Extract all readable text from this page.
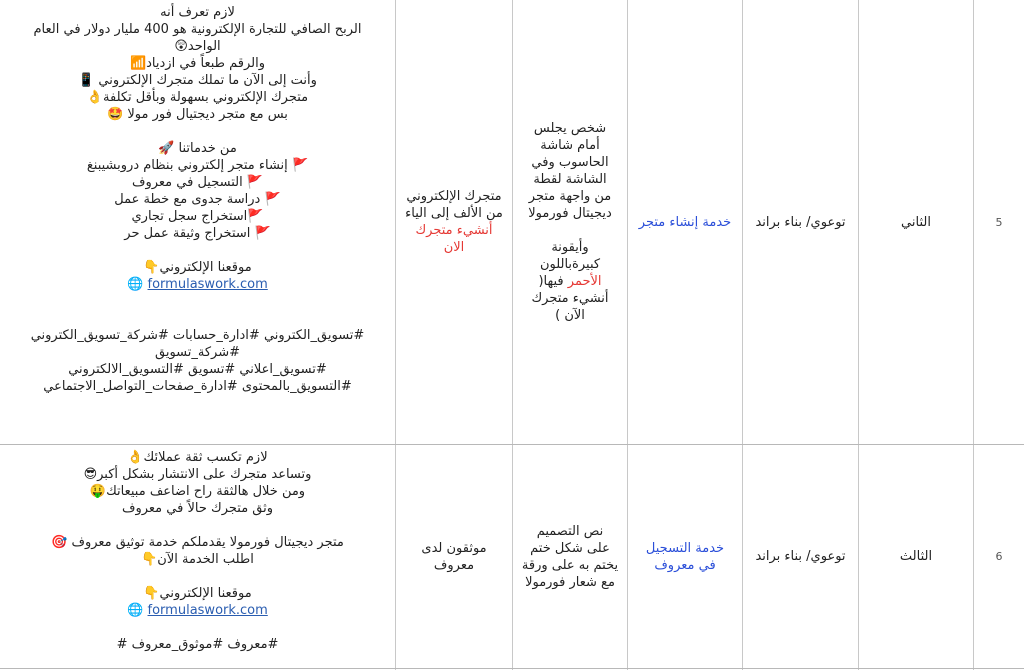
5
الثاني
توعوي/ بناء براند
خدمة إنشاء متجر
شخص يجلس
أمام شاشة
الحاسوب وفي
الشاشة لقطة
من واجهة متجر
ديجيتال فورمولا
وأيقونة
كبيرةباللون
الأحمر فيها(
أنشيء متجرك
الآن )
متجرك الإلكتروني
من الألف إلى الياء
أنشيء متجرك
الان
لازم تعرف أنه
الربح الصافي للتجارة الإلكترونية هو 400 مليار دولار في العام
الواحد😲
والرقم طبعاً في ازدياد📶
وأنت إلى الآن ما تملك متجرك الإلكتروني 📱
متجرك الإلكتروني بسهولة وبأقل تكلفة👌
بس مع متجر ديجتيال فور مولا 🤩
من خدماتنا 🚀
🚩 إنشاء متجر إلكتروني بنظام دروبشيبنغ
🚩 التسجيل في معروف
🚩 دراسة جدوى مع خطة عمل
🚩استخراج سجل تجاري
🚩 استخراج وثيقة عمل حر
موقعنا الإلكتروني👇
formulaswork.com 🌐
#تسويق_الكتروني #ادارة_حسابات #شركة_تسويق_الكتروني
#شركة_تسويق
#تسويق_اعلاني #تسويق #التسويق_الالكتروني
#التسويق_بالمحتوى #ادارة_صفحات_التواصل_الاجتماعي
6
الثالث
توعوي/ بناء براند
خدمة التسجيل
في معروف
نص التصميم
على شكل ختم
يختم به على ورقة
مع شعار فورمولا
موثقون لدى
معروف
لازم تكسب ثقة عملائك👌
وتساعد متجرك على الانتشار بشكل أكبر😎
ومن خلال هالثقة راح اضاعف مبيعاتك🤑
وثق متجرك حالاً في معروف
متجر ديجيتال فورمولا يقدملكم خدمة توثيق معروف 🎯
اطلب الخدمة الآن👇
موقعنا الإلكتروني👇
formulaswork.com 🌐
#معروف #موثوق_معروف #
